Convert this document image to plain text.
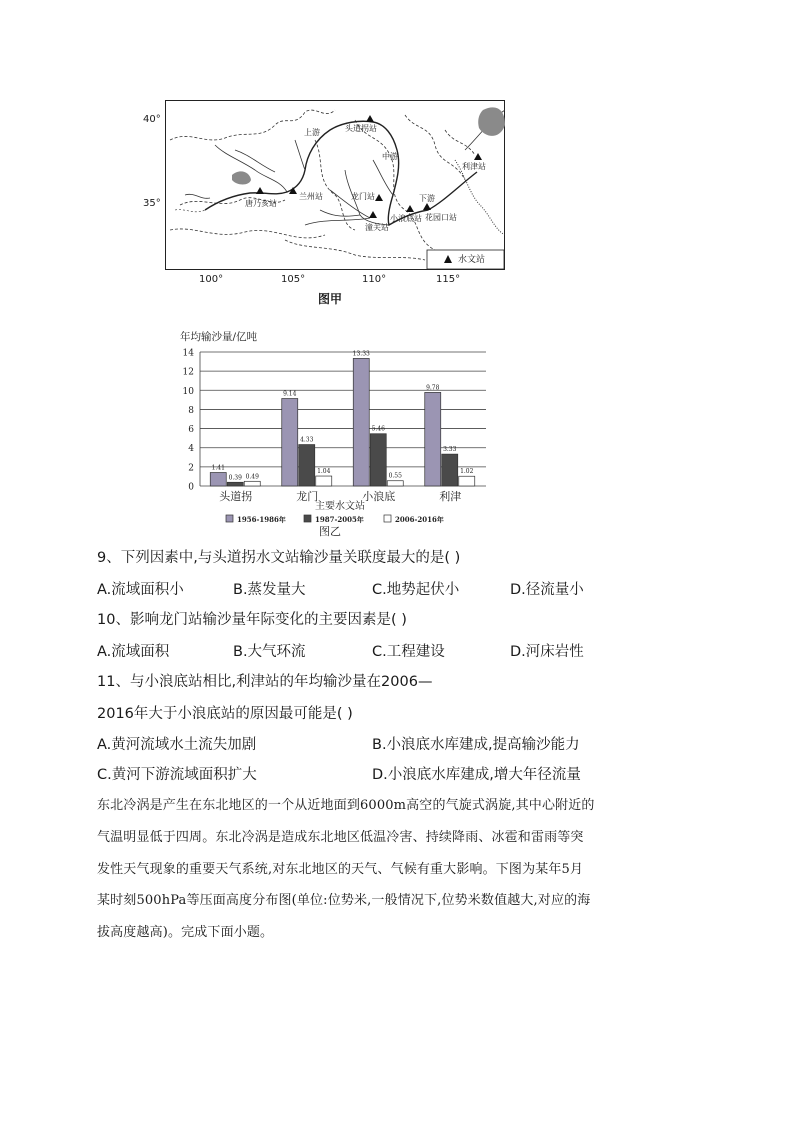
头道拐站
上游
中游
下游
龙门站
兰州站
唐乃亥站
潼关站
小浪底站 花园口站
利津站
水文站
40°
35°
100°	105°	110°	115°
图甲
年均输沙量/亿吨
0
2
4
6
8
10
12
14
1.41
0.39 0.49
头道拐
9.14
4.33
1.04
龙门
13.33
5.46
0.55
小浪底
9.78
3.33
1.02
利津
主要水文站
1956-1986年	1987-2005年	2006-2016年
图乙
9、下列因素中,与头道拐水文站输沙量关联度最大的是( )
A.流域面积小	B.蒸发量大	C.地势起伏小	D.径流量小
10、影响龙门站输沙量年际变化的主要因素是( )
A.流域面积	B.大气环流	C.工程建设	D.河床岩性
11、与小浪底站相比,利津站的年均输沙量在2006—
2016年大于小浪底站的原因最可能是( )
A.黄河流域水土流失加剧	B.小浪底水库建成,提高输沙能力
C.黄河下游流域面积扩大	D.小浪底水库建成,增大年径流量
东北冷涡是产生在东北地区的一个从近地面到6000m高空的气旋式涡旋,其中心附近的
气温明显低于四周。东北冷涡是造成东北地区低温冷害、持续降雨、冰雹和雷雨等突
发性天气现象的重要天气系统,对东北地区的天气、气候有重大影响。下图为某年5月
某时刻500hPa等压面高度分布图(单位:位势米,一般情况下,位势米数值越大,对应的海
拔高度越高)。完成下面小题。
